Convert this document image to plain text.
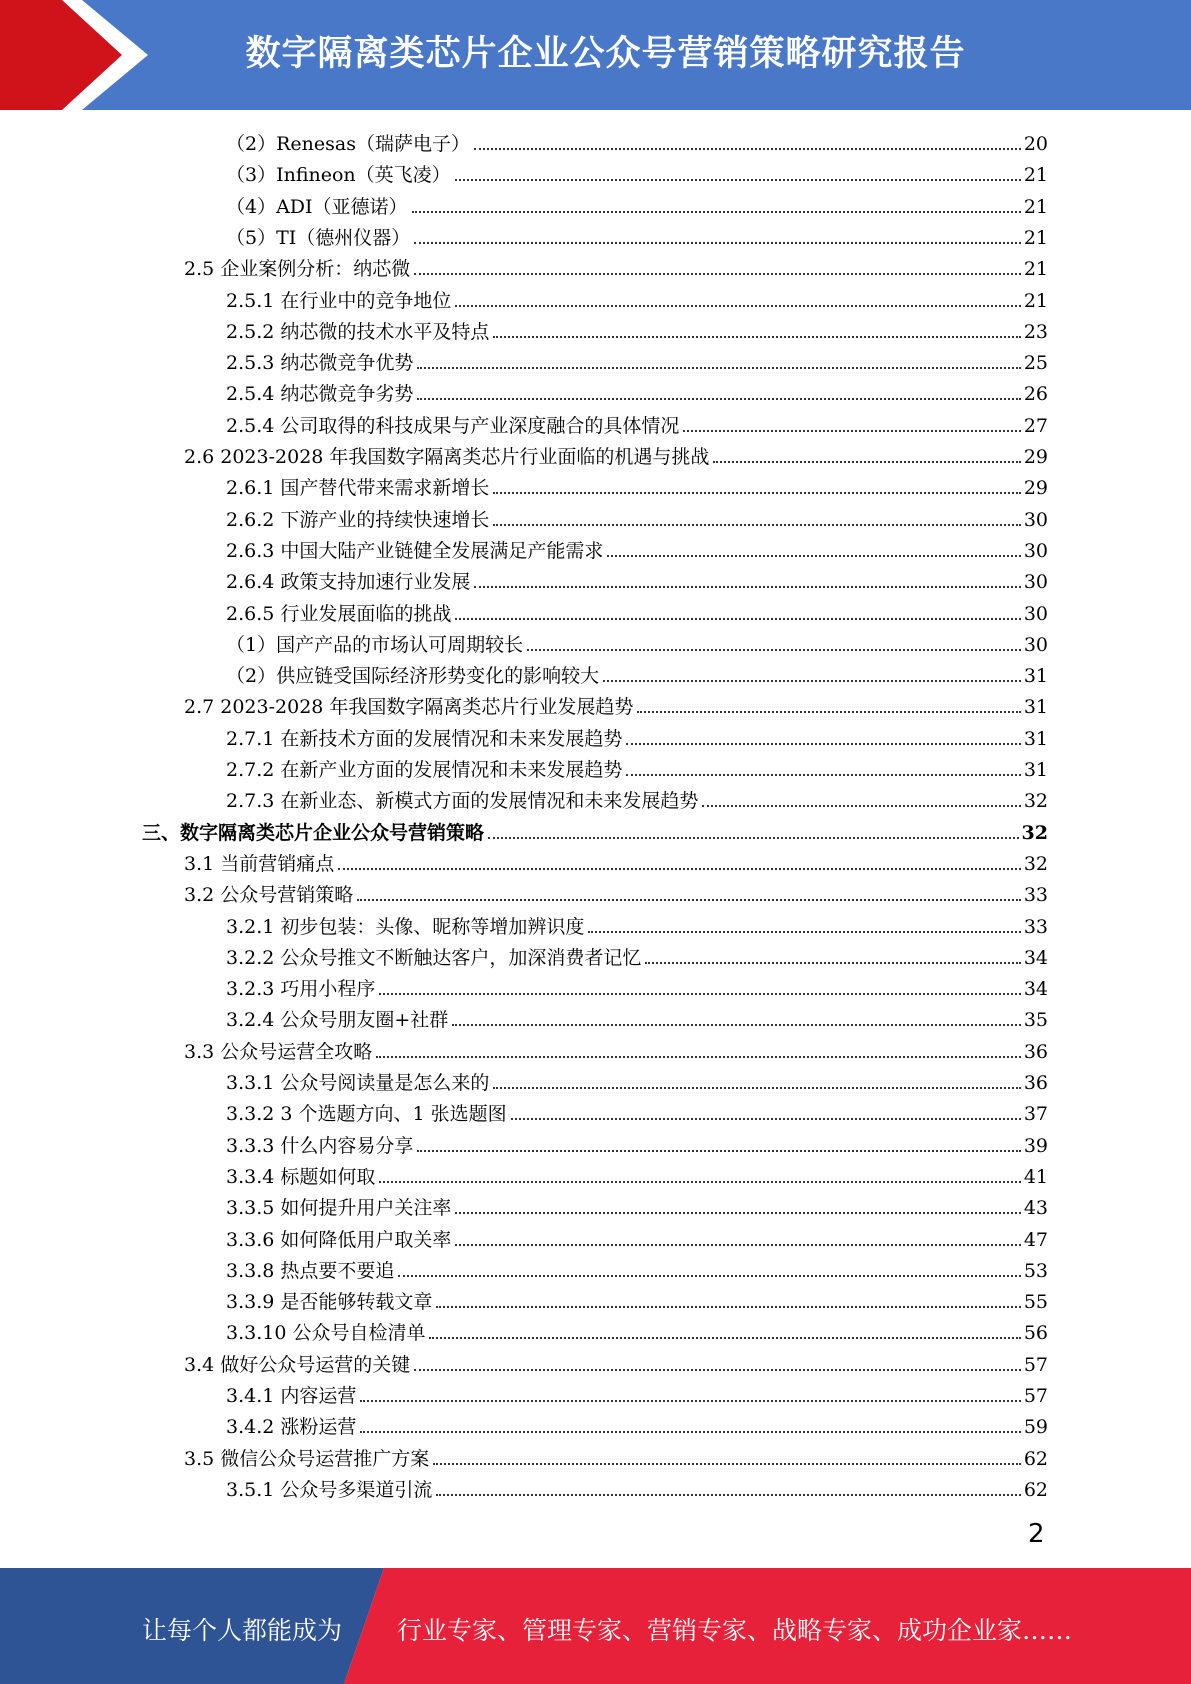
数字隔离类芯片企业公众号营销策略研究报告
（2）Renesas（瑞萨电子）	20
（3）Infineon（英飞凌）	21
（4）ADI（亚德诺）	21
（5）TI（德州仪器）	21
2.5 企业案例分析：纳芯微	21
2.5.1 在行业中的竞争地位	21
2.5.2 纳芯微的技术水平及特点	23
2.5.3 纳芯微竞争优势	25
2.5.4 纳芯微竞争劣势	26
2.5.4 公司取得的科技成果与产业深度融合的具体情况	27
2.6 2023-2028 年我国数字隔离类芯片行业面临的机遇与挑战	29
2.6.1 国产替代带来需求新增长	29
2.6.2 下游产业的持续快速增长	30
2.6.3 中国大陆产业链健全发展满足产能需求	30
2.6.4 政策支持加速行业发展	30
2.6.5 行业发展面临的挑战	30
（1）国产产品的市场认可周期较长	30
（2）供应链受国际经济形势变化的影响较大	31
2.7 2023-2028 年我国数字隔离类芯片行业发展趋势	31
2.7.1 在新技术方面的发展情况和未来发展趋势	31
2.7.2 在新产业方面的发展情况和未来发展趋势	31
2.7.3 在新业态、新模式方面的发展情况和未来发展趋势	32
三、数字隔离类芯片企业公众号营销策略	32
3.1 当前营销痛点	32
3.2 公众号营销策略	33
3.2.1 初步包装：头像、昵称等增加辨识度	33
3.2.2 公众号推文不断触达客户，加深消费者记忆	34
3.2.3 巧用小程序	34
3.2.4 公众号朋友圈+社群	35
3.3 公众号运营全攻略	36
3.3.1 公众号阅读量是怎么来的	36
3.3.2 3 个选题方向、1 张选题图	37
3.3.3 什么内容易分享	39
3.3.4 标题如何取	41
3.3.5 如何提升用户关注率	43
3.3.6 如何降低用户取关率	47
3.3.8 热点要不要追	53
3.3.9 是否能够转载文章	55
3.3.10 公众号自检清单	56
3.4 做好公众号运营的关键	57
3.4.1 内容运营	57
3.4.2 涨粉运营	59
3.5 微信公众号运营推广方案	62
3.5.1 公众号多渠道引流	62
2
让每个人都能成为 行业专家、管理专家、营销专家、战略专家、成功企业家……
